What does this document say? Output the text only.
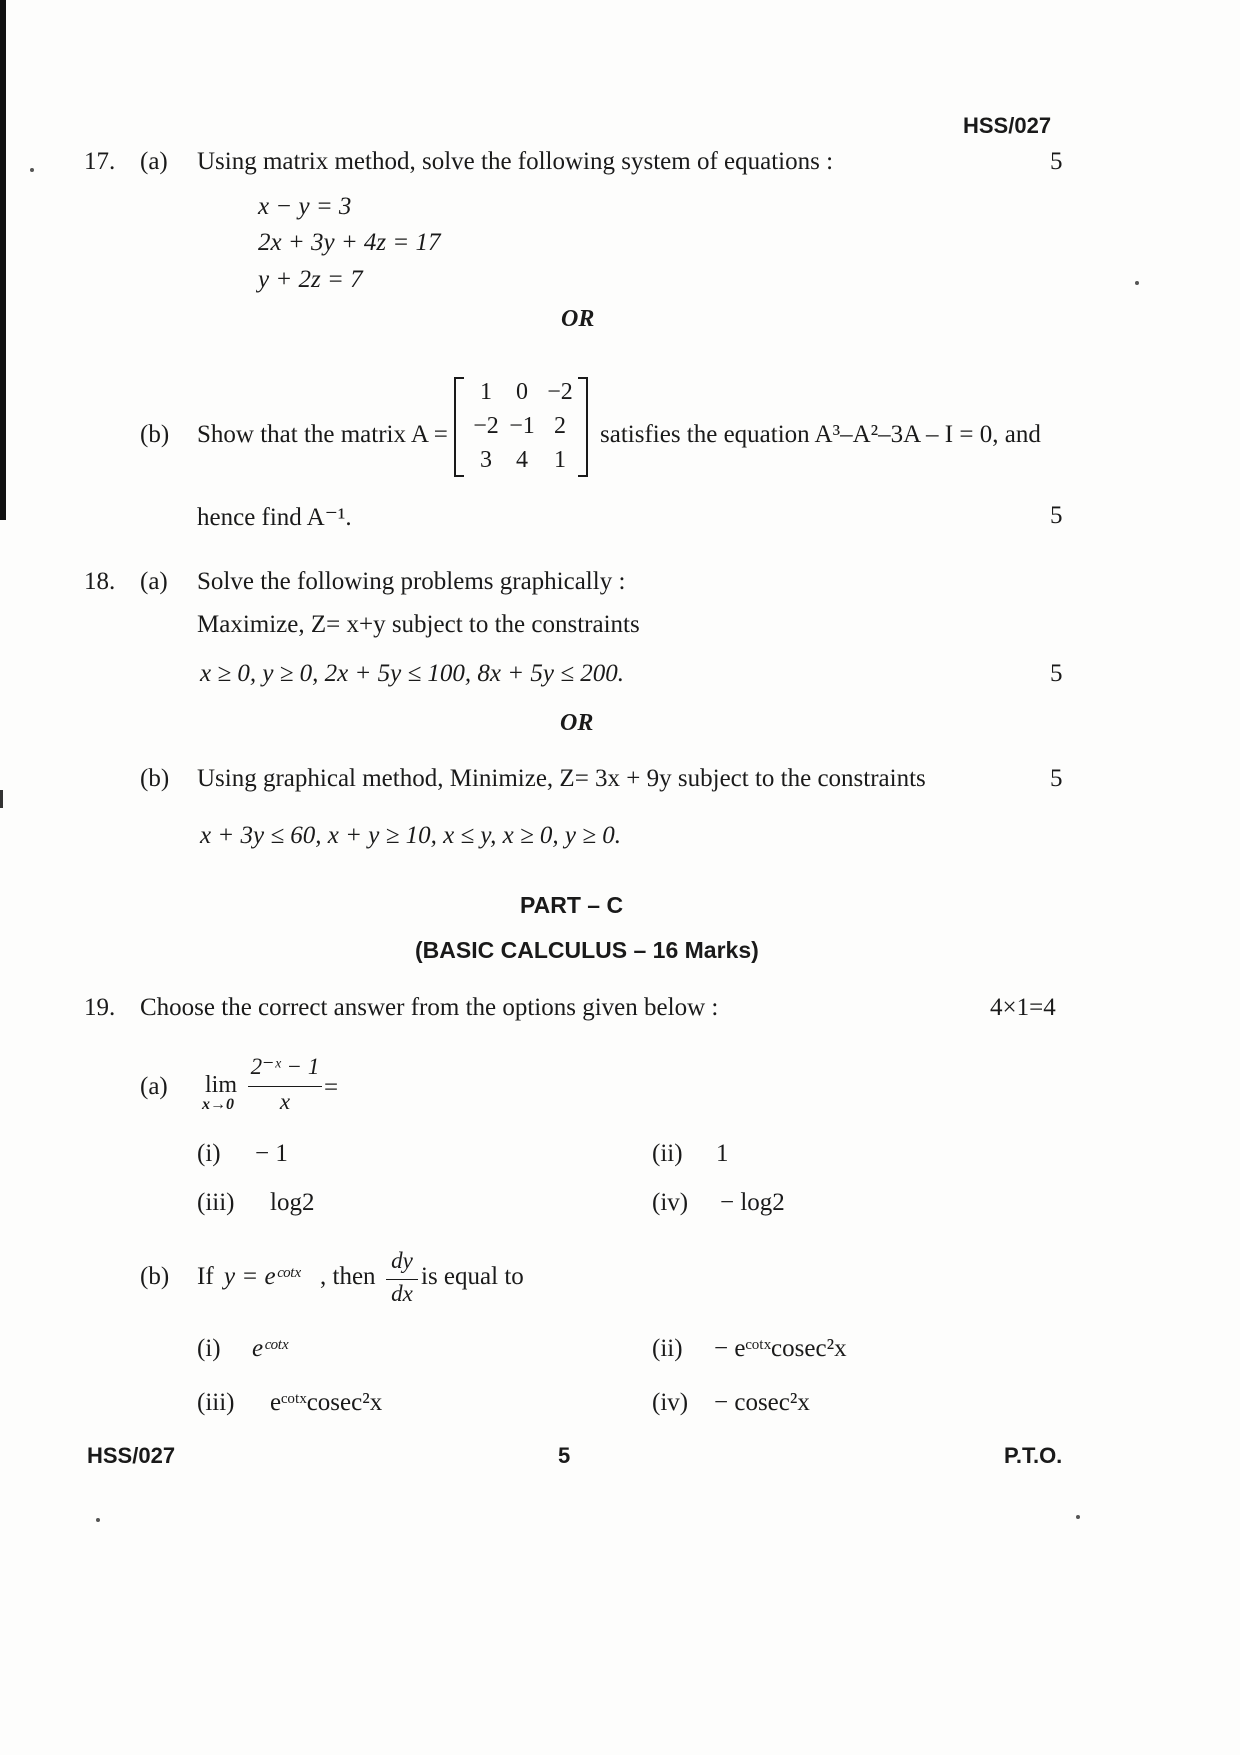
HSS/027
17. (a) Using matrix method, solve the following system of equations :	5
x − y = 3
2x + 3y + 4z = 17
y + 2z = 7
OR
(b) Show that the matrix A =
1	0 −2
−2 −1 2
3	4	1
satisfies the equation A³–A²–3A – I = 0, and
hence find A⁻¹.	5
18. (a) Solve the following problems graphically :
Maximize, Z= x+y subject to the constraints
x ≥ 0, y ≥ 0, 2x + 5y ≤ 100, 8x + 5y ≤ 200.	5
OR
(b) Using graphical method, Minimize, Z= 3x + 9y subject to the constraints	5
x + 3y ≤ 60, x + y ≥ 10, x ≤ y, x ≥ 0, y ≥ 0.
PART – C
(BASIC CALCULUS – 16 Marks)
19. Choose the correct answer from the options given below :	4×1=4
(a) lim
x→0
2⁻ˣ − 1
x
=
(i) − 1	(ii) 1
(iii) log2	(iv) − log2
(b) If y = eᶜᵒᵗˣ , then
dy
dx
is equal to
(i) eᶜᵒᵗˣ	(ii) − eᶜᵒᵗˣcosec²x
(iii) eᶜᵒᵗˣcosec²x	(iv) − cosec²x
HSS/027	5	P.T.O.
